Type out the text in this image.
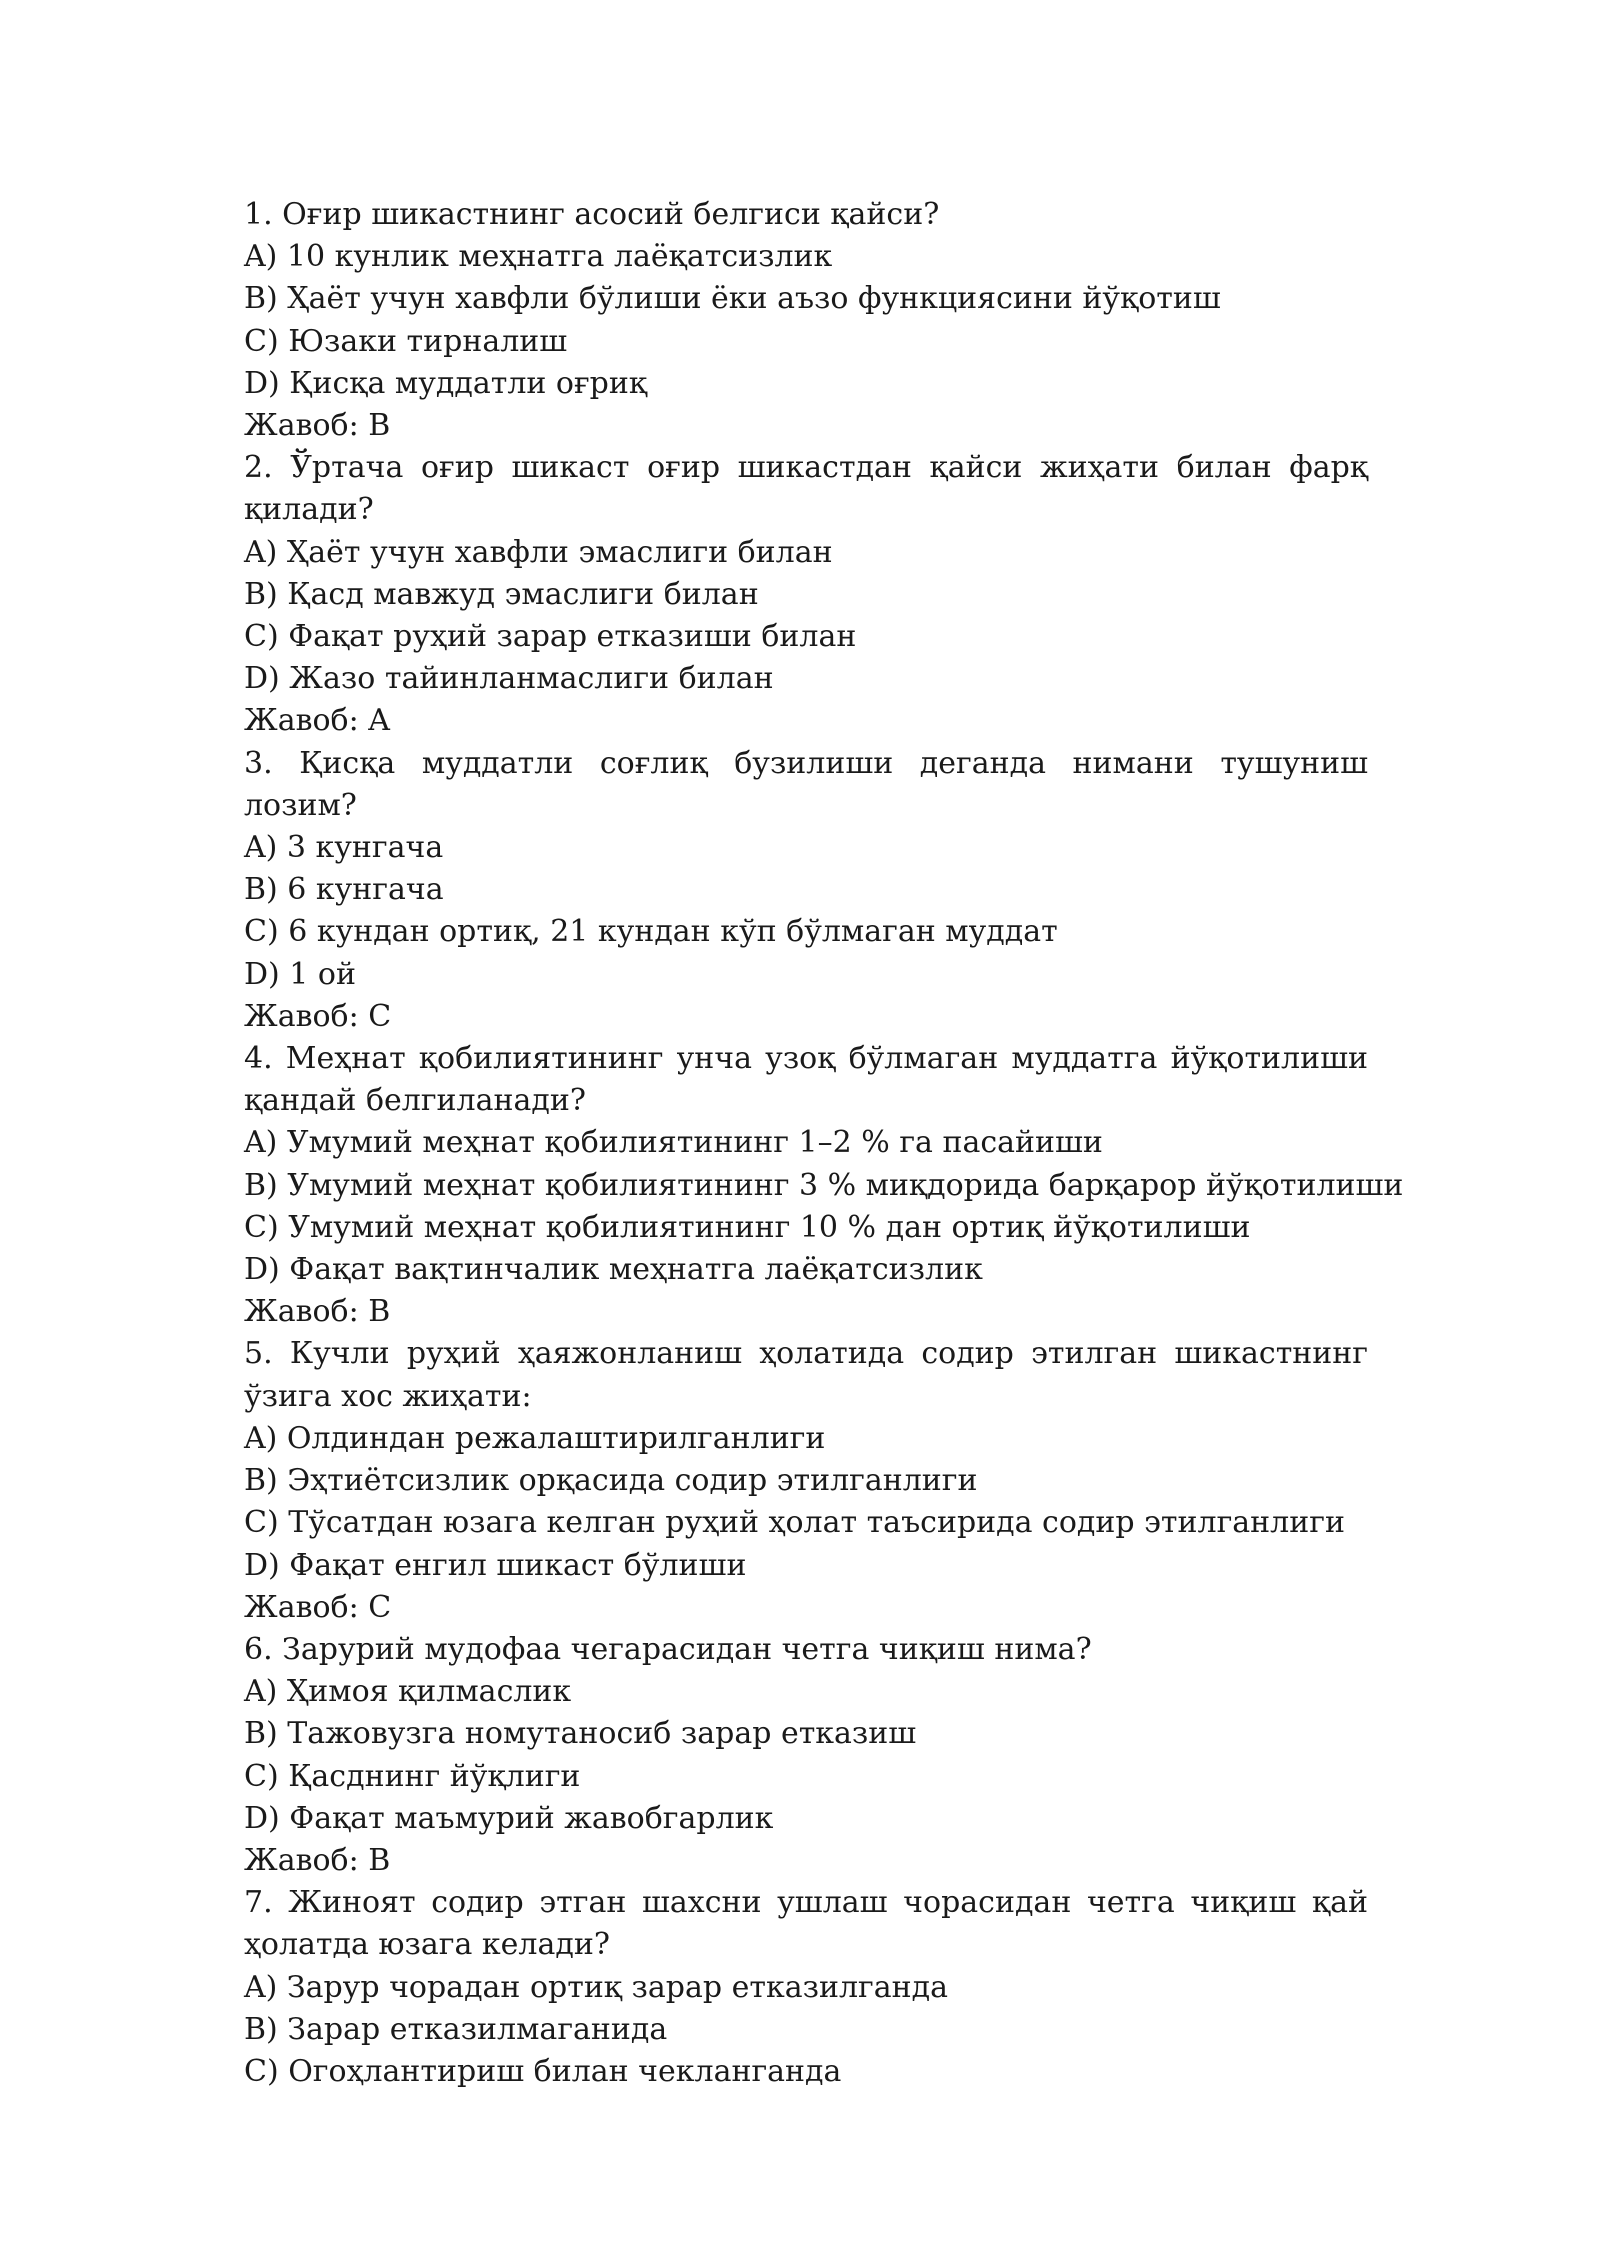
1. Оғир шикастнинг асосий белгиси қайси?

A) 10 кунлик меҳнатга лаёқатсизлик

B) Ҳаёт учун хавфли бўлиши ёки аъзо функциясини йўқотиш

C) Юзаки тирналиш

D) Қисқа муддатли оғриқ

Жавоб: B

2. Ўртача оғир шикаст оғир шикастдан қайси жиҳати билан фарқ қилади?

A) Ҳаёт учун хавфли эмаслиги билан

B) Қасд мавжуд эмаслиги билан

C) Фақат руҳий зарар етказиши билан

D) Жазо тайинланмаслиги билан

Жавоб: A

3. Қисқа муддатли соғлиқ бузилиши деганда нимани тушуниш лозим?

A) 3 кунгача

B) 6 кунгача

C) 6 кундан ортиқ, 21 кундан кўп бўлмаган муддат

D) 1 ой

Жавоб: C

4. Меҳнат қобилиятининг унча узоқ бўлмаган муддатга йўқотилиши қандай белгиланади?

A) Умумий меҳнат қобилиятининг 1–2 % га пасайиши

B) Умумий меҳнат қобилиятининг 3 % миқдорида барқарор йўқотилиши

C) Умумий меҳнат қобилиятининг 10 % дан ортиқ йўқотилиши

D) Фақат вақтинчалик меҳнатга лаёқатсизлик

Жавоб: B

5. Кучли руҳий ҳаяжонланиш ҳолатида содир этилган шикастнинг ўзига хос жиҳати:

A) Олдиндан режалаштирилганлиги

B) Эҳтиётсизлик орқасида содир этилганлиги

C) Тўсатдан юзага келган руҳий ҳолат таъсирида содир этилганлиги

D) Фақат енгил шикаст бўлиши

Жавоб: C

6. Зарурий мудофаа чегарасидан четга чиқиш нима?

A) Ҳимоя қилмаслик

B) Тажовузга номутаносиб зарар етказиш

C) Қасднинг йўқлиги

D) Фақат маъмурий жавобгарлик

Жавоб: B

7. Жиноят содир этган шахсни ушлаш чорасидан четга чиқиш қай ҳолатда юзага келади?

A) Зарур чорадан ортиқ зарар етказилганда

B) Зарар етказилмаганида

C) Огоҳлантириш билан чекланганда
